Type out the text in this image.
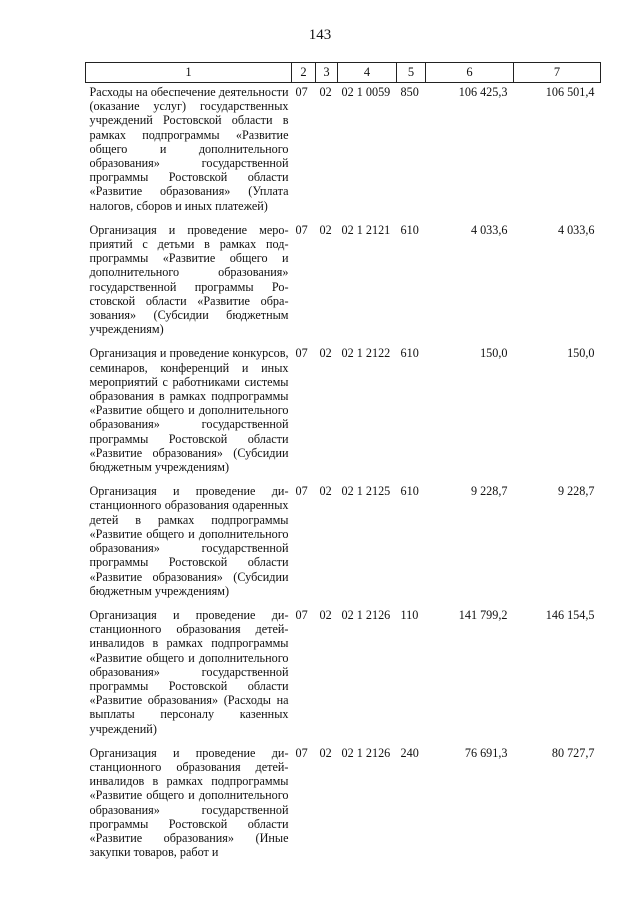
143
1	2	3	4	5	6	7
Расходы на обеспечение деятельности (оказание услуг) государственных учреждений Ростовской области в рамках подпрограммы «Развитие общего и дополнительного образования» государственной программы Ростовской области «Развитие образования» (Уплата налогов, сборов и иных платежей)	07	02	02 1 0059	850	106 425,3	106 501,4
Организация и проведение мероприятий с детьми в рамках подпрограммы «Развитие общего и дополнительного образования» государственной программы Ростовской области «Развитие образования» (Субсидии бюджетным учреждениям)	07	02	02 1 2121	610	4 033,6	4 033,6
Организация и проведение конкурсов, семинаров, конференций и иных мероприятий с работниками системы образования в рамках подпрограммы «Развитие общего и дополнительного образования» государственной программы Ростовской области «Развитие образования» (Субсидии бюджетным учреждениям)	07	02	02 1 2122	610	150,0	150,0
Организация и проведение дистанционного образования одаренных детей в рамках подпрограммы «Развитие общего и дополнительного образования» государственной программы Ростовской области «Развитие образования» (Субсидии бюджетным учреждениям)	07	02	02 1 2125	610	9 228,7	9 228,7
Организация и проведение дистанционного образования детей-инвалидов в рамках подпрограммы «Развитие общего и дополнительного образования» государственной программы Ростовской области «Развитие образования» (Расходы на выплаты персоналу казенных учреждений)	07	02	02 1 2126	110	141 799,2	146 154,5
Организация и проведение дистанционного образования детей-инвалидов в рамках подпрограммы «Развитие общего и дополнительного образования» государственной программы Ростовской области «Развитие образования» (Иные закупки товаров, работ и	07	02	02 1 2126	240	76 691,3	80 727,7
